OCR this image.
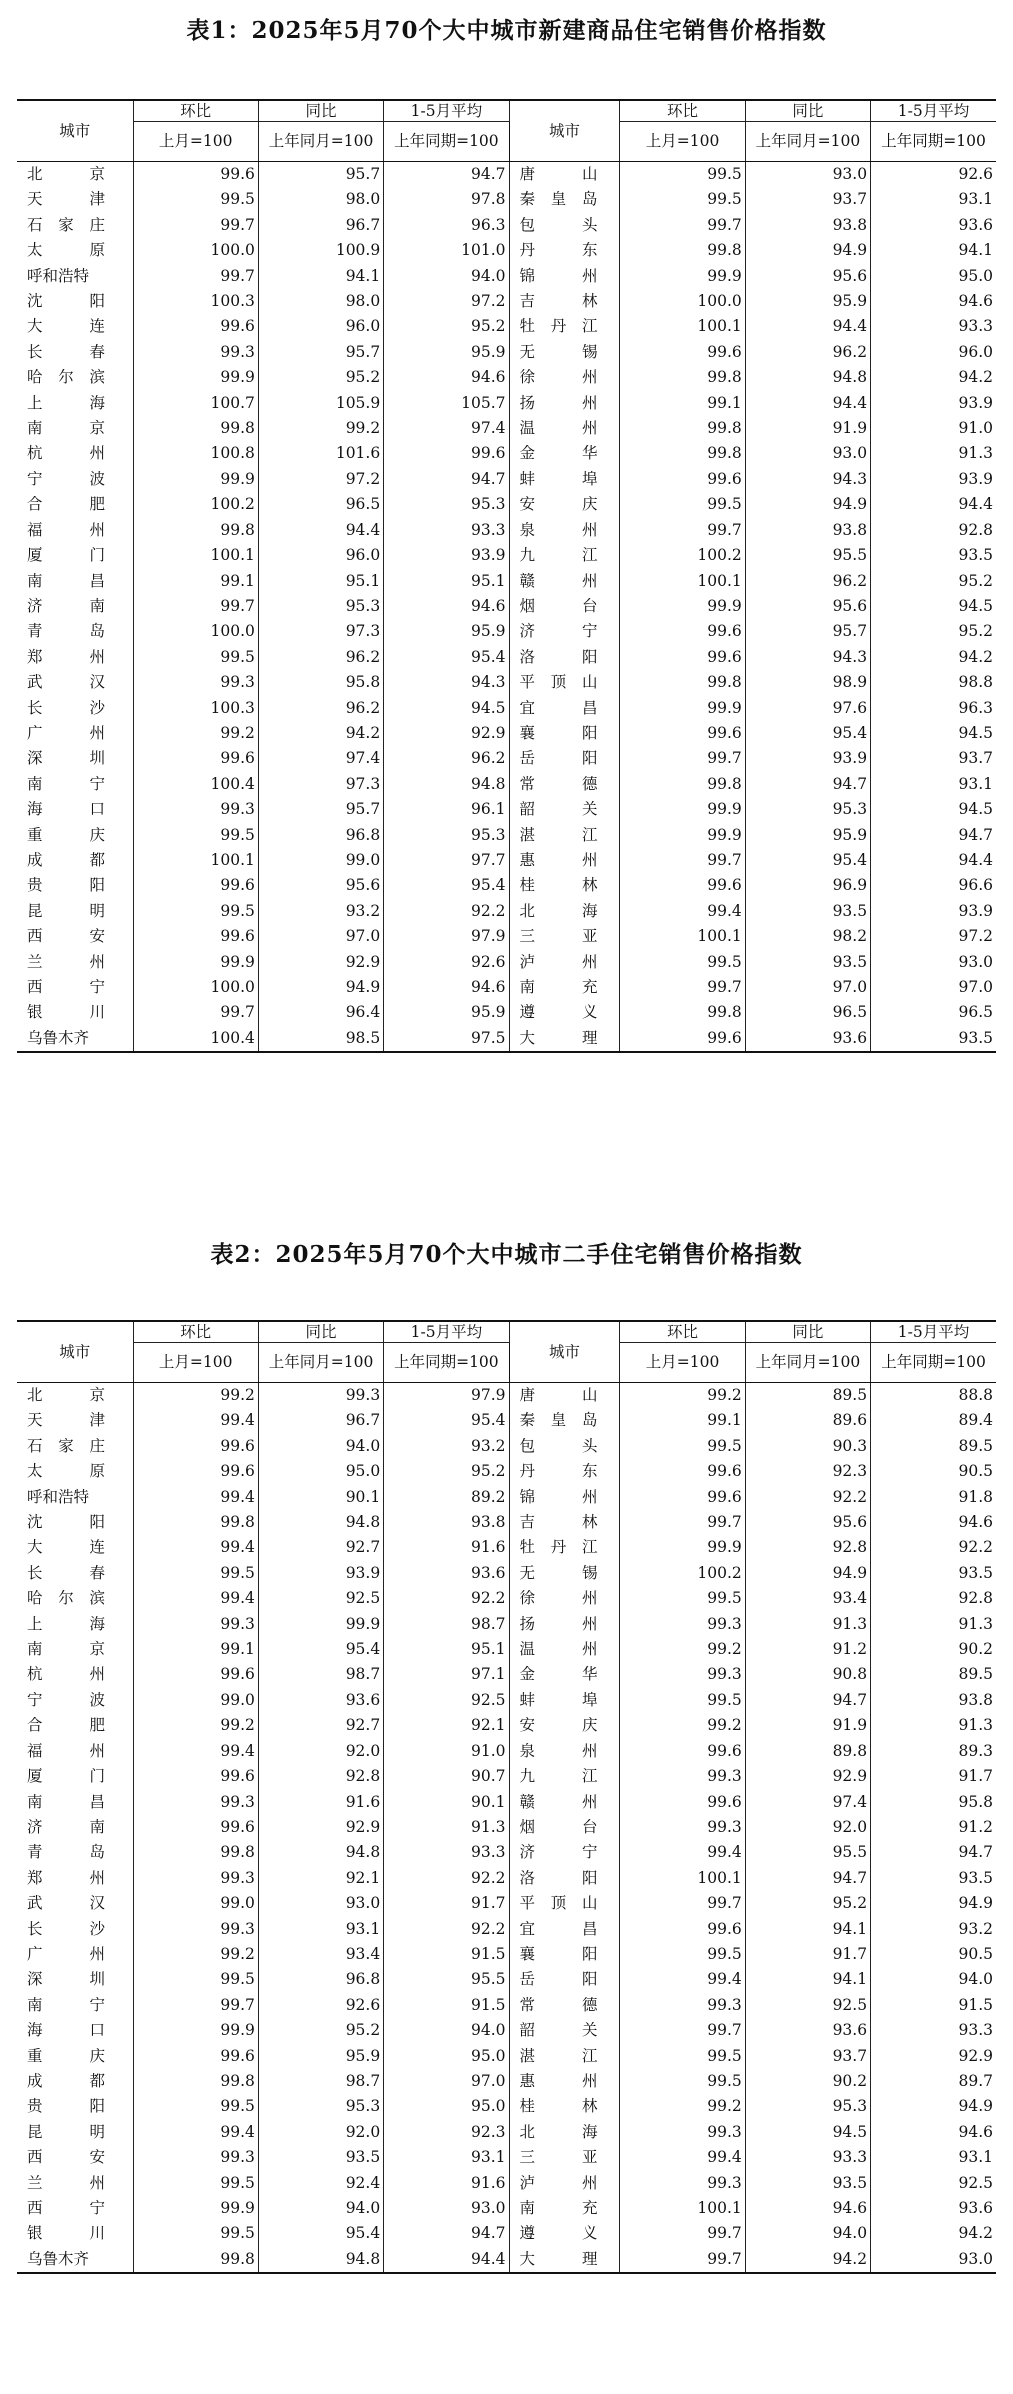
表1：2025年5月70个大中城市新建商品住宅销售价格指数
城市	环比	同比	1-5月平均	城市	环比	同比	1-5月平均
	上月=100	上年同月=100	上年同期=100		上月=100	上年同月=100	上年同期=100
北京	99.6	95.7	94.7	唐山	99.5	93.0	92.6
天津	99.5	98.0	97.8	秦皇岛	99.5	93.7	93.1
石家庄	99.7	96.7	96.3	包头	99.7	93.8	93.6
太原	100.0	100.9	101.0	丹东	99.8	94.9	94.1
呼和浩特	99.7	94.1	94.0	锦州	99.9	95.6	95.0
沈阳	100.3	98.0	97.2	吉林	100.0	95.9	94.6
大连	99.6	96.0	95.2	牡丹江	100.1	94.4	93.3
长春	99.3	95.7	95.9	无锡	99.6	96.2	96.0
哈尔滨	99.9	95.2	94.6	徐州	99.8	94.8	94.2
上海	100.7	105.9	105.7	扬州	99.1	94.4	93.9
南京	99.8	99.2	97.4	温州	99.8	91.9	91.0
杭州	100.8	101.6	99.6	金华	99.8	93.0	91.3
宁波	99.9	97.2	94.7	蚌埠	99.6	94.3	93.9
合肥	100.2	96.5	95.3	安庆	99.5	94.9	94.4
福州	99.8	94.4	93.3	泉州	99.7	93.8	92.8
厦门	100.1	96.0	93.9	九江	100.2	95.5	93.5
南昌	99.1	95.1	95.1	赣州	100.1	96.2	95.2
济南	99.7	95.3	94.6	烟台	99.9	95.6	94.5
青岛	100.0	97.3	95.9	济宁	99.6	95.7	95.2
郑州	99.5	96.2	95.4	洛阳	99.6	94.3	94.2
武汉	99.3	95.8	94.3	平顶山	99.8	98.9	98.8
长沙	100.3	96.2	94.5	宜昌	99.9	97.6	96.3
广州	99.2	94.2	92.9	襄阳	99.6	95.4	94.5
深圳	99.6	97.4	96.2	岳阳	99.7	93.9	93.7
南宁	100.4	97.3	94.8	常德	99.8	94.7	93.1
海口	99.3	95.7	96.1	韶关	99.9	95.3	94.5
重庆	99.5	96.8	95.3	湛江	99.9	95.9	94.7
成都	100.1	99.0	97.7	惠州	99.7	95.4	94.4
贵阳	99.6	95.6	95.4	桂林	99.6	96.9	96.6
昆明	99.5	93.2	92.2	北海	99.4	93.5	93.9
西安	99.6	97.0	97.9	三亚	100.1	98.2	97.2
兰州	99.9	92.9	92.6	泸州	99.5	93.5	93.0
西宁	100.0	94.9	94.6	南充	99.7	97.0	97.0
银川	99.7	96.4	95.9	遵义	99.8	96.5	96.5
乌鲁木齐	100.4	98.5	97.5	大理	99.6	93.6	93.5
表2：2025年5月70个大中城市二手住宅销售价格指数
城市	环比	同比	1-5月平均	城市	环比	同比	1-5月平均
	上月=100	上年同月=100	上年同期=100		上月=100	上年同月=100	上年同期=100
北京	99.2	99.3	97.9	唐山	99.2	89.5	88.8
天津	99.4	96.7	95.4	秦皇岛	99.1	89.6	89.4
石家庄	99.6	94.0	93.2	包头	99.5	90.3	89.5
太原	99.6	95.0	95.2	丹东	99.6	92.3	90.5
呼和浩特	99.4	90.1	89.2	锦州	99.6	92.2	91.8
沈阳	99.8	94.8	93.8	吉林	99.7	95.6	94.6
大连	99.4	92.7	91.6	牡丹江	99.9	92.8	92.2
长春	99.5	93.9	93.6	无锡	100.2	94.9	93.5
哈尔滨	99.4	92.5	92.2	徐州	99.5	93.4	92.8
上海	99.3	99.9	98.7	扬州	99.3	91.3	91.3
南京	99.1	95.4	95.1	温州	99.2	91.2	90.2
杭州	99.6	98.7	97.1	金华	99.3	90.8	89.5
宁波	99.0	93.6	92.5	蚌埠	99.5	94.7	93.8
合肥	99.2	92.7	92.1	安庆	99.2	91.9	91.3
福州	99.4	92.0	91.0	泉州	99.6	89.8	89.3
厦门	99.6	92.8	90.7	九江	99.3	92.9	91.7
南昌	99.3	91.6	90.1	赣州	99.6	97.4	95.8
济南	99.6	92.9	91.3	烟台	99.3	92.0	91.2
青岛	99.8	94.8	93.3	济宁	99.4	95.5	94.7
郑州	99.3	92.1	92.2	洛阳	100.1	94.7	93.5
武汉	99.0	93.0	91.7	平顶山	99.7	95.2	94.9
长沙	99.3	93.1	92.2	宜昌	99.6	94.1	93.2
广州	99.2	93.4	91.5	襄阳	99.5	91.7	90.5
深圳	99.5	96.8	95.5	岳阳	99.4	94.1	94.0
南宁	99.7	92.6	91.5	常德	99.3	92.5	91.5
海口	99.9	95.2	94.0	韶关	99.7	93.6	93.3
重庆	99.6	95.9	95.0	湛江	99.5	93.7	92.9
成都	99.8	98.7	97.0	惠州	99.5	90.2	89.7
贵阳	99.5	95.3	95.0	桂林	99.2	95.3	94.9
昆明	99.4	92.0	92.3	北海	99.3	94.5	94.6
西安	99.3	93.5	93.1	三亚	99.4	93.3	93.1
兰州	99.5	92.4	91.6	泸州	99.3	93.5	92.5
西宁	99.9	94.0	93.0	南充	100.1	94.6	93.6
银川	99.5	95.4	94.7	遵义	99.7	94.0	94.2
乌鲁木齐	99.8	94.8	94.4	大理	99.7	94.2	93.0
